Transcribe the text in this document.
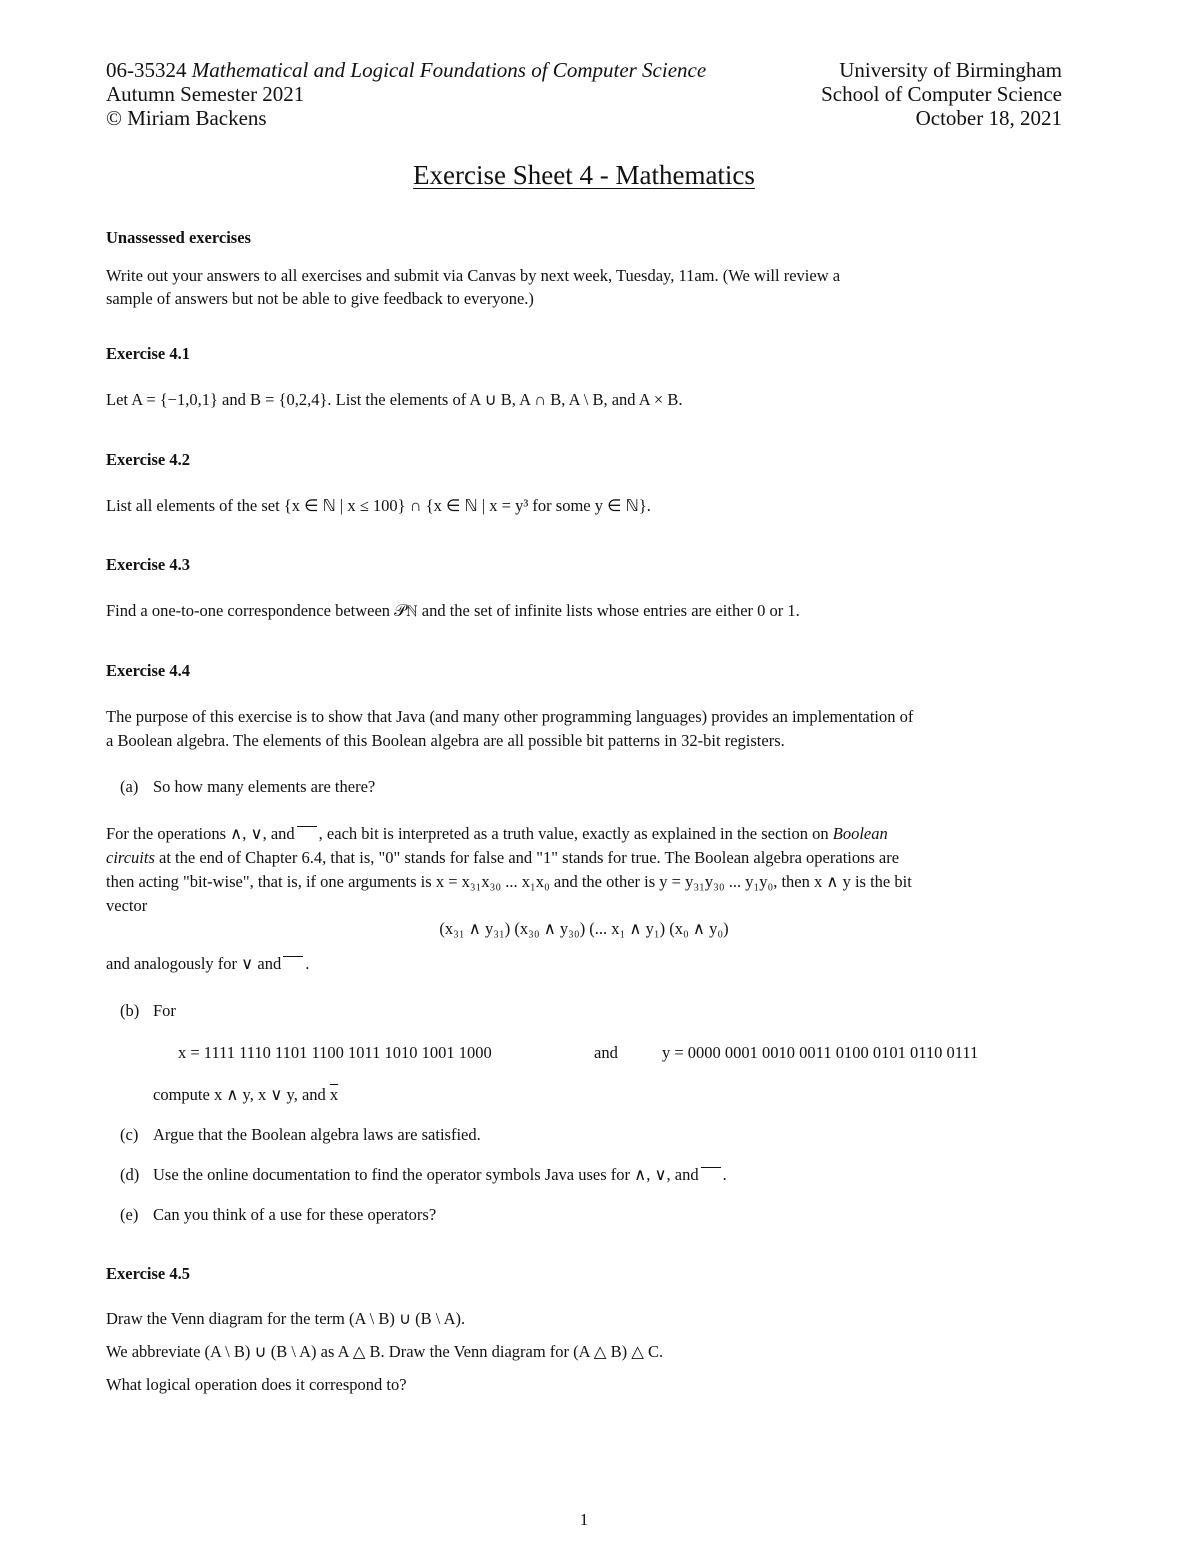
06-35324 Mathematical and Logical Foundations of Computer Science	University of Birmingham
Autumn Semester 2021	School of Computer Science
© Miriam Backens	October 18, 2021
Exercise Sheet 4 - Mathematics
Unassessed exercises
Write out your answers to all exercises and submit via Canvas by next week, Tuesday, 11am. (We will review a
sample of answers but not be able to give feedback to everyone.)
Exercise 4.1
Let A = {−1,0,1} and B = {0,2,4}. List the elements of A ∪ B, A ∩ B, A \ B, and A × B.
Exercise 4.2
List all elements of the set {x ∈ ℕ | x ≤ 100} ∩ {x ∈ ℕ | x = y³ for some y ∈ ℕ}.
Exercise 4.3
Find a one-to-one correspondence between 𝒫ℕ and the set of infinite lists whose entries are either 0 or 1.
Exercise 4.4
The purpose of this exercise is to show that Java (and many other programming languages) provides an implementation of
a Boolean algebra. The elements of this Boolean algebra are all possible bit patterns in 32-bit registers.
(a) So how many elements are there?
For the operations ∧, ∨, and , each bit is interpreted as a truth value, exactly as explained in the section on Boolean
circuits at the end of Chapter 6.4, that is, "0" stands for false and "1" stands for true. The Boolean algebra operations are
then acting "bit-wise", that is, if one arguments is x = x₃₁x₃₀ ... x₁x₀ and the other is y = y₃₁y₃₀ ... y₁y₀, then x ∧ y is the bit
vector
(x₃₁ ∧ y₃₁) (x₃₀ ∧ y₃₀) (... x₁ ∧ y₁) (x₀ ∧ y₀)
and analogously for ∨ and .
(b) For
x = 1111 1110 1101 1100 1011 1010 1001 1000	and	y = 0000 0001 0010 0011 0100 0101 0110 0111
compute x ∧ y, x ∨ y, and $\overline{x}$
(c) Argue that the Boolean algebra laws are satisfied.
(d) Use the online documentation to find the operator symbols Java uses for ∧, ∨, and .
(e) Can you think of a use for these operators?
Exercise 4.5
Draw the Venn diagram for the term (A \ B) ∪ (B \ A).
We abbreviate (A \ B) ∪ (B \ A) as A △ B. Draw the Venn diagram for (A △ B) △ C.
What logical operation does it correspond to?
1
